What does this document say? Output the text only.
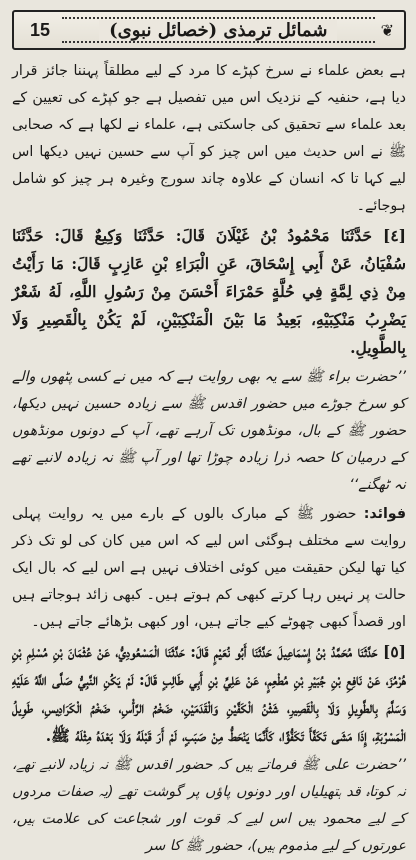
15	شمائل ترمذی (خصائل نبوی)	❦

ہے بعض علماء نے سرخ کپڑے کا مرد کے لیے مطلقاً پہننا جائز قرار دیا ہے، حنفیہ کے نزدیک اس میں تفصیل ہے جو کپڑے کی تعیین کے بعد علماء سے تحقیق کی جاسکتی ہے، علماء نے لکھا ہے کہ صحابی ﷺ نے اس حدیث میں اس چیز کو آپ سے حسین نہیں دیکھا اس لیے کہا تا کہ انسان کے علاوہ چاند سورج وغیرہ ہر چیز کو شامل ہوجائے۔

[٤] حَدَّثَنَا مَحْمُودُ بْنُ غَيْلَانَ قَالَ: حَدَّثَنَا وَكِيعٌ قَالَ: حَدَّثَنَا سُفْيَانُ، عَنْ أَبِي إِسْحَاقَ، عَنِ الْبَرَاءِ بْنِ عَازِبٍ قَالَ: مَا رَأَيْتُ مِنْ ذِي لِمَّةٍ فِي حُلَّةٍ حَمْرَاءَ أَحْسَنَ مِنْ رَسُولِ اللَّهِ، لَهُ شَعْرٌ يَضْرِبُ مَنْكِبَيْهِ، بَعِيدُ مَا بَيْنَ الْمَنْكِبَيْنِ، لَمْ يَكُنْ بِالْقَصِيرِ وَلَا بِالطَّوِيلِ.

’’حضرت براء ﷺ سے یہ بھی روایت ہے کہ میں نے کسی پٹھوں والے کو سرخ جوڑے میں حضور اقدس ﷺ سے زیادہ حسین نہیں دیکھا، حضور ﷺ کے بال، مونڈھوں تک آرہے تھے، آپ کے دونوں مونڈھوں کے درمیان کا حصہ ذرا زیادہ چوڑا تھا اور آپ ﷺ نہ زیادہ لانبے تھے نہ ٹھگنے‘‘

فوائد: حضور ﷺ کے مبارک بالوں کے بارے میں یہ روایت پہلی روایت سے مختلف ہوگئی اس لیے کہ اس میں کان کی لو تک ذکر کیا تھا لیکن حقیقت میں کوئی اختلاف نہیں ہے اس لیے کہ بال ایک حالت پر نہیں رہا کرتے کبھی کم ہوتے ہیں۔ کبھی زائد ہوجاتے ہیں اور قصداً کبھی چھوٹے کیے جاتے ہیں، اور کبھی بڑھائے جاتے ہیں۔

[٥] حَدَّثَنَا مُحَمَّدُ بْنُ إِسْمَاعِيلَ حَدَّثَنَا أَبُو نُعَيْمٍ قَالَ: حَدَّثَنَا الْمَسْعُودِيُّ، عَنْ عُثْمَانَ بْنِ مُسْلِمِ بْنِ هُرْمُزَ، عَنْ نَافِعِ بْنِ جُبَيْرِ بْنِ مُطْعِمٍ، عَنْ عَلِيِّ بْنِ أَبِي طَالِبٍ قَالَ: لَمْ يَكُنِ النَّبِيُّ صَلَّى اللَّهُ عَلَيْهِ وَسَلَّمَ بِالطَّوِيلِ وَلَا بِالْقَصِيرِ، شَثْنُ الْكَفَّيْنِ وَالْقَدَمَيْنِ، ضَخْمُ الرَّأْسِ، ضَخْمُ الْكَرَادِيسِ، طَوِيلُ الْمَسْرُبَةِ، إِذَا مَشَى تَكَفَّأَ تَكَفُّؤًا، كَأَنَّمَا يَنْحَطُّ مِنْ صَبَبٍ، لَمْ أَرَ قَبْلَهُ وَلَا بَعْدَهُ مِثْلَهُ ﷺ.

’’حضرت علی ﷺ فرماتے ہیں کہ حضور اقدس ﷺ نہ زیادہ لانبے تھے، نہ کوتاہ قد ہتھیلیاں اور دونوں پاؤں پر گوشت تھے (یہ صفات مردوں کے لیے محمود ہیں اس لیے کہ قوت اور شجاعت کی علامت ہیں، عورتوں کے لیے مذموم ہیں)، حضور ﷺ کا سر
